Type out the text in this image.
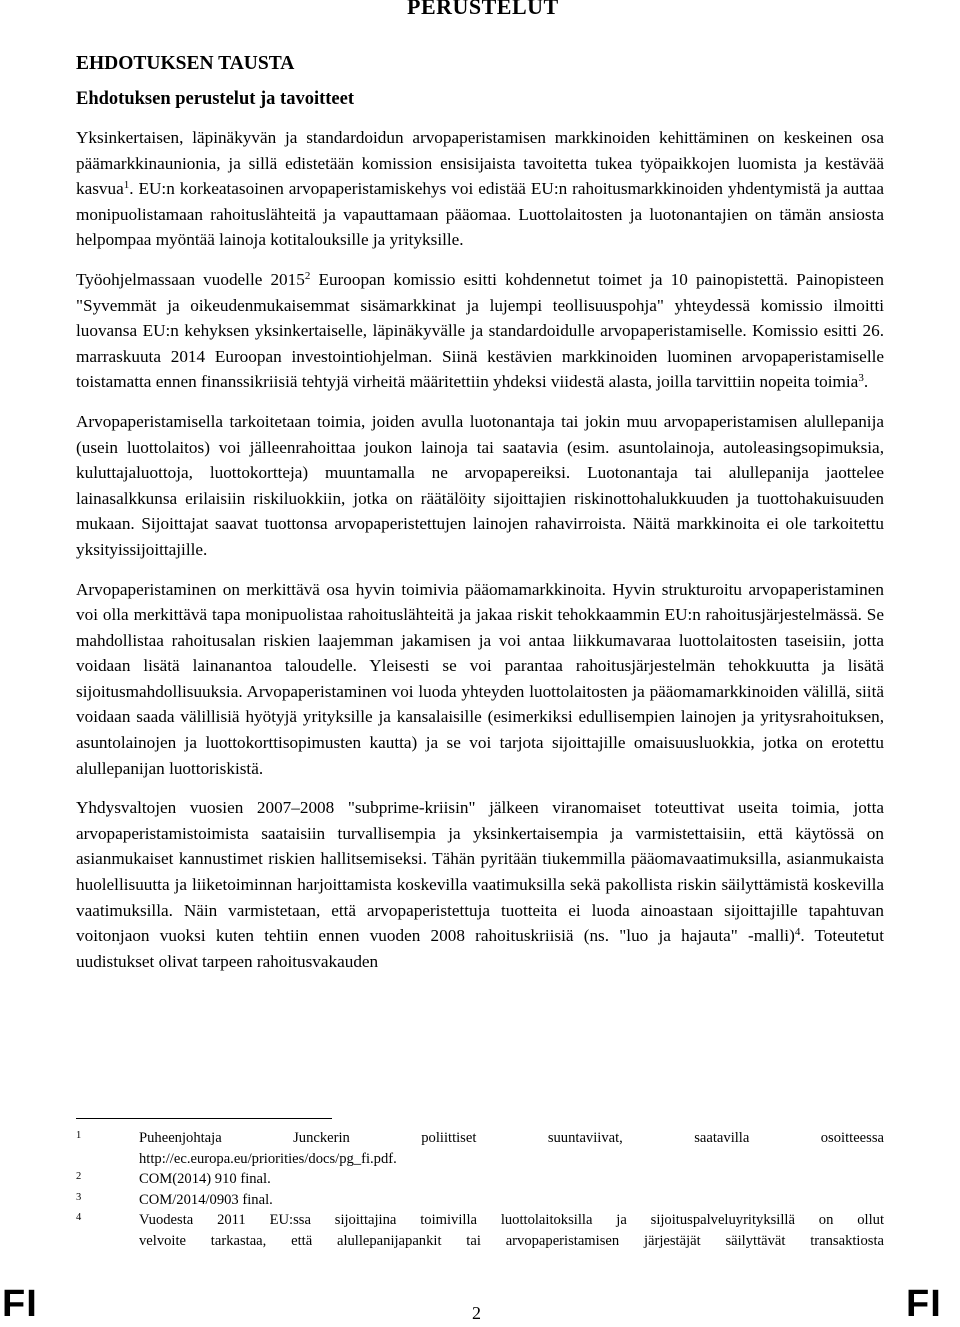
PERUSTELUT
EHDOTUKSEN TAUSTA
Ehdotuksen perustelut ja tavoitteet

Yksinkertaisen, läpinäkyvän ja standardoidun arvopaperistamisen markkinoiden kehittäminen on keskeinen osa päämarkkinaunionia, ja sillä edistetään komission ensisijaista tavoitetta tukea työpaikkojen luomista ja kestävää kasvua$^1$. EU:n korkeatasoinen arvopaperistamiskehys voi edistää EU:n rahoitusmarkkinoiden yhdentymistä ja auttaa monipuolistamaan rahoituslähteitä ja vapauttamaan pääomaa. Luottolaitosten ja luotonantajien on tämän ansiosta helpompaa myöntää lainoja kotitalouksille ja yrityksille.

Työohjelmassaan vuodelle 2015$^2$ Euroopan komissio esitti kohdennetut toimet ja 10 painopistettä. Painopisteen "Syvemmät ja oikeudenmukaisemmat sisämarkkinat ja lujempi teollisuuspohja" yhteydessä komissio ilmoitti luovansa EU:n kehyksen yksinkertaiselle, läpinäkyvälle ja standardoidulle arvopaperistamiselle. Komissio esitti 26. marraskuuta 2014 Euroopan investointiohjelman. Siinä kestävien markkinoiden luominen arvopaperistamiselle toistamatta ennen finanssikriisiä tehtyjä virheitä määritettiin yhdeksi viidestä alasta, joilla tarvittiin nopeita toimia$^3$.

Arvopaperistamisella tarkoitetaan toimia, joiden avulla luotonantaja tai jokin muu arvopaperistamisen alullepanija (usein luottolaitos) voi jälleenrahoittaa joukon lainoja tai saatavia (esim. asuntolainoja, autoleasingsopimuksia, kuluttajaluottoja, luottokortteja) muuntamalla ne arvopapereiksi. Luotonantaja tai alullepanija jaottelee lainasalkkunsa erilaisiin riskiluokkiin, jotka on räätälöity sijoittajien riskinottohalukkuuden ja tuottohakuisuuden mukaan. Sijoittajat saavat tuottonsa arvopaperistettujen lainojen rahavirroista. Näitä markkinoita ei ole tarkoitettu yksityissijoittajille.

Arvopaperistaminen on merkittävä osa hyvin toimivia pääomamarkkinoita. Hyvin strukturoitu arvopaperistaminen voi olla merkittävä tapa monipuolistaa rahoituslähteitä ja jakaa riskit tehokkaammin EU:n rahoitusjärjestelmässä. Se mahdollistaa rahoitusalan riskien laajemman jakamisen ja voi antaa liikkumavaraa luottolaitosten taseisiin, jotta voidaan lisätä lainanantoa taloudelle. Yleisesti se voi parantaa rahoitusjärjestelmän tehokkuutta ja lisätä sijoitusmahdollisuuksia. Arvopaperistaminen voi luoda yhteyden luottolaitosten ja pääomamarkkinoiden välillä, siitä voidaan saada välillisiä hyötyjä yrityksille ja kansalaisille (esimerkiksi edullisempien lainojen ja yritysrahoituksen, asuntolainojen ja luottokorttisopimusten kautta) ja se voi tarjota sijoittajille omaisuusluokkia, jotka on erotettu alullepanijan luottoriskistä.

Yhdysvaltojen vuosien 2007–2008 "subprime-kriisin" jälkeen viranomaiset toteuttivat useita toimia, jotta arvopaperistamistoimista saataisiin turvallisempia ja yksinkertaisempia ja varmistettaisiin, että käytössä on asianmukaiset kannustimet riskien hallitsemiseksi. Tähän pyritään tiukemmilla pääomavaatimuksilla, asianmukaista huolellisuutta ja liiketoiminnan harjoittamista koskevilla vaatimuksilla sekä pakollista riskin säilyttämistä koskevilla vaatimuksilla. Näin varmistetaan, että arvopaperistettuja tuotteita ei luoda ainoastaan sijoittajille tapahtuvan voitonjaon vuoksi kuten tehtiin ennen vuoden 2008 rahoituskriisiä (ns. "luo ja hajauta" -malli)$^4$. Toteutetut uudistukset olivat tarpeen rahoitusvakauden

1	Puheenjohtaja Junckerin poliittiset suuntaviivat, saatavilla osoitteessa
http://ec.europa.eu/priorities/docs/pg_fi.pdf.
2	COM(2014) 910 final.
3	COM/2014/0903 final.
4	Vuodesta 2011 EU:ssa sijoittajina toimivilla luottolaitoksilla ja sijoituspalveluyrityksillä on ollut
velvoite tarkastaa, että alullepanijapankit tai arvopaperistamisen järjestäjät säilyttävät transaktiosta
FI	2	FI
